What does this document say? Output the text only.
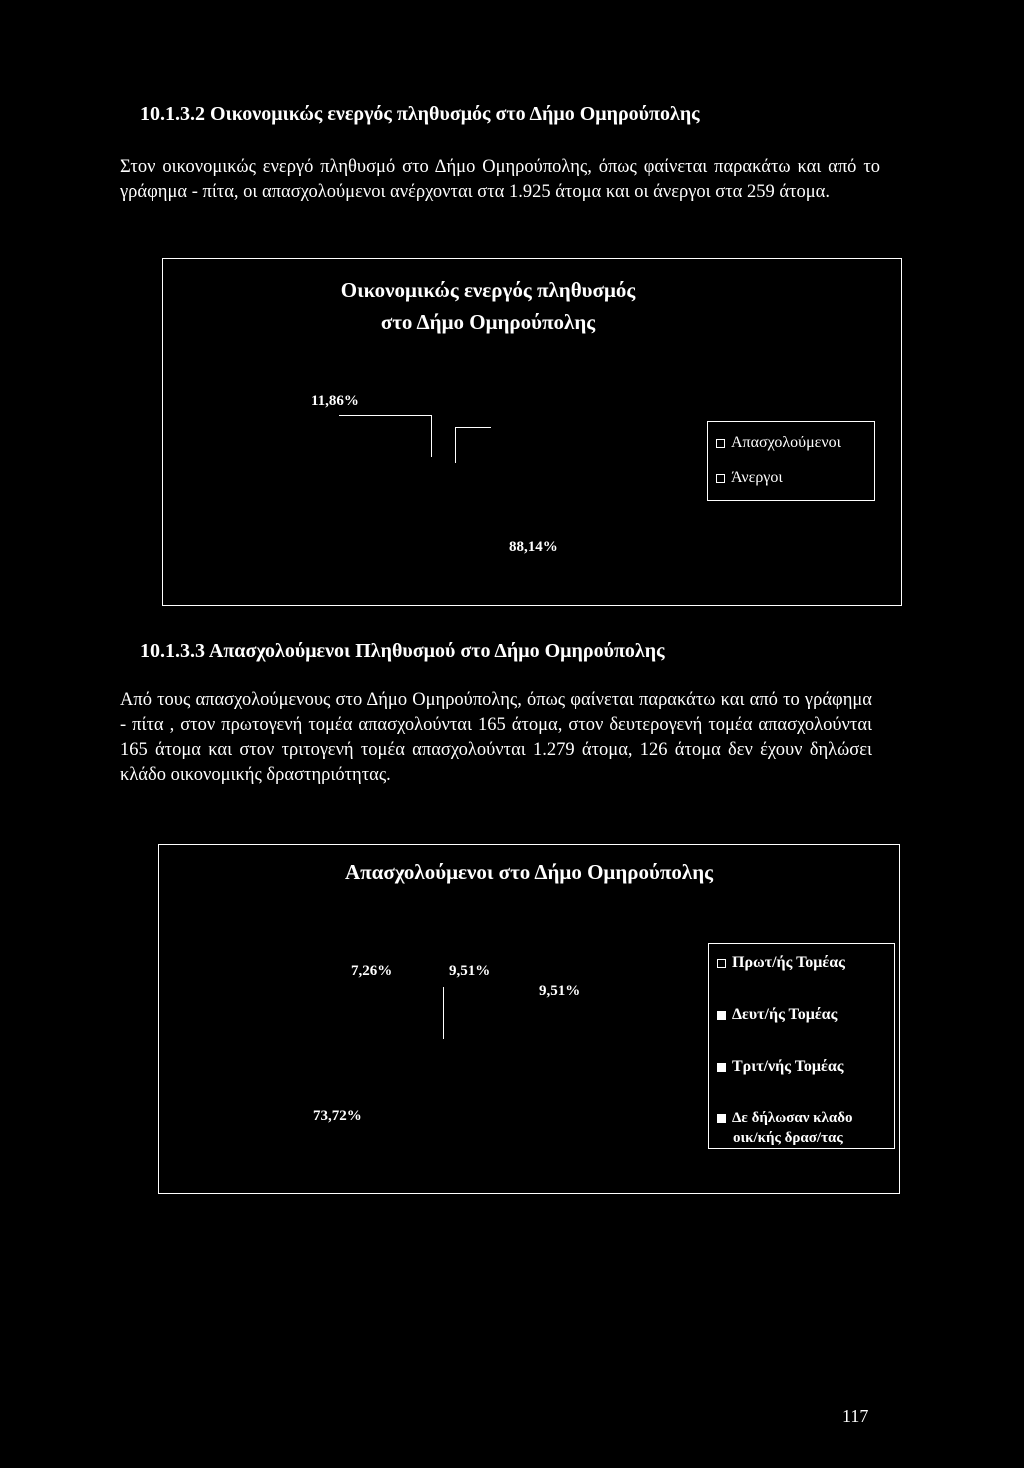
10.1.3.2 Οικονομικώς ενεργός πληθυσμός στο Δήμο Ομηρούπολης
Στον οικονομικώς ενεργό πληθυσμό στο Δήμο Ομηρούπολης, όπως φαίνεται παρακάτω και από το γράφημα - πίτα, οι απασχολούμενοι ανέρχονται στα 1.925 άτομα και οι άνεργοι στα 259 άτομα.
Οικονομικώς ενεργός πληθυσμός
στο Δήμο Ομηρούπολης
11,86%
88,14%
Απασχολούμενοι
Άνεργοι
10.1.3.3 Απασχολούμενοι Πληθυσμού στο Δήμο Ομηρούπολης
Από τους απασχολούμενους στο Δήμο Ομηρούπολης, όπως φαίνεται παρακάτω και από το γράφημα - πίτα , στον πρωτογενή τομέα απασχολούνται 165 άτομα, στον δευτερογενή τομέα απασχολούνται 165 άτομα και στον τριτογενή τομέα απασχολούνται 1.279 άτομα, 126 άτομα δεν έχουν δηλώσει κλάδο οικονομικής δραστηριότητας.
Απασχολούμενοι στο Δήμο Ομηρούπολης
7,26%	9,51%
9,51%
73,72%
Πρωτ/ής Τομέας
Δευτ/ής Τομέας
Τριτ/νής Τομέας
Δε δήλωσαν κλαδο
οικ/κής δρασ/τας
117
